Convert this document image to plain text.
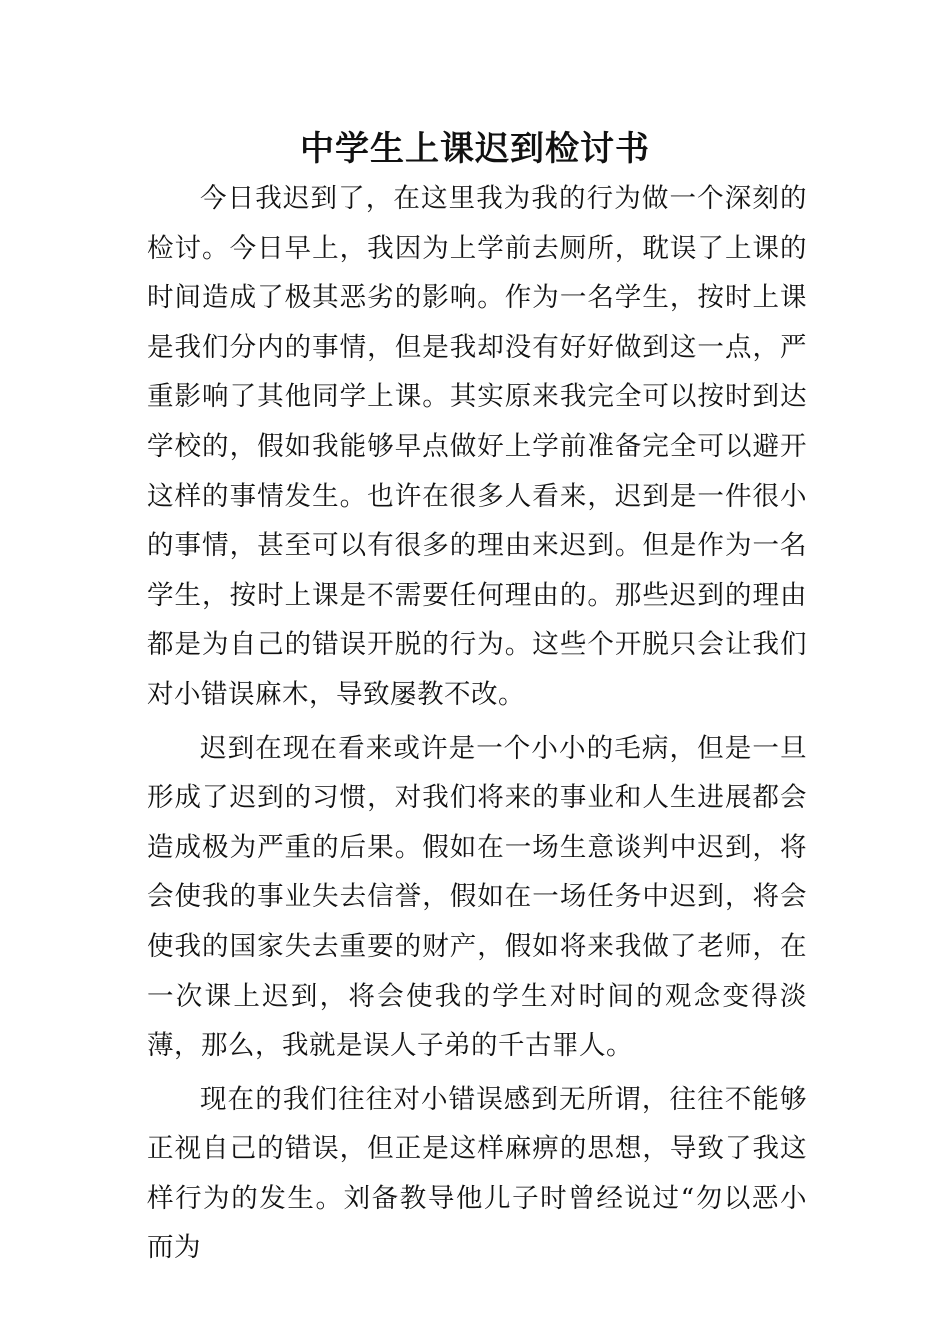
中学生上课迟到检讨书

今日我迟到了，在这里我为我的行为做一个深刻的检讨。今日早上，我因为上学前去厕所，耽误了上课的时间造成了极其恶劣的影响。作为一名学生，按时上课是我们分内的事情，但是我却没有好好做到这一点，严重影响了其他同学上课。其实原来我完全可以按时到达学校的，假如我能够早点做好上学前准备完全可以避开这样的事情发生。也许在很多人看来，迟到是一件很小的事情，甚至可以有很多的理由来迟到。但是作为一名学生，按时上课是不需要任何理由的。那些迟到的理由都是为自己的错误开脱的行为。这些个开脱只会让我们对小错误麻木，导致屡教不改。

迟到在现在看来或许是一个小小的毛病，但是一旦形成了迟到的习惯，对我们将来的事业和人生进展都会造成极为严重的后果。假如在一场生意谈判中迟到，将会使我的事业失去信誉，假如在一场任务中迟到，将会使我的国家失去重要的财产，假如将来我做了老师，在一次课上迟到，将会使我的学生对时间的观念变得淡薄，那么，我就是误人子弟的千古罪人。

现在的我们往往对小错误感到无所谓，往往不能够正视自己的错误，但正是这样麻痹的思想，导致了我这样行为的发生。刘备教导他儿子时曾经说过“勿以恶小而为
